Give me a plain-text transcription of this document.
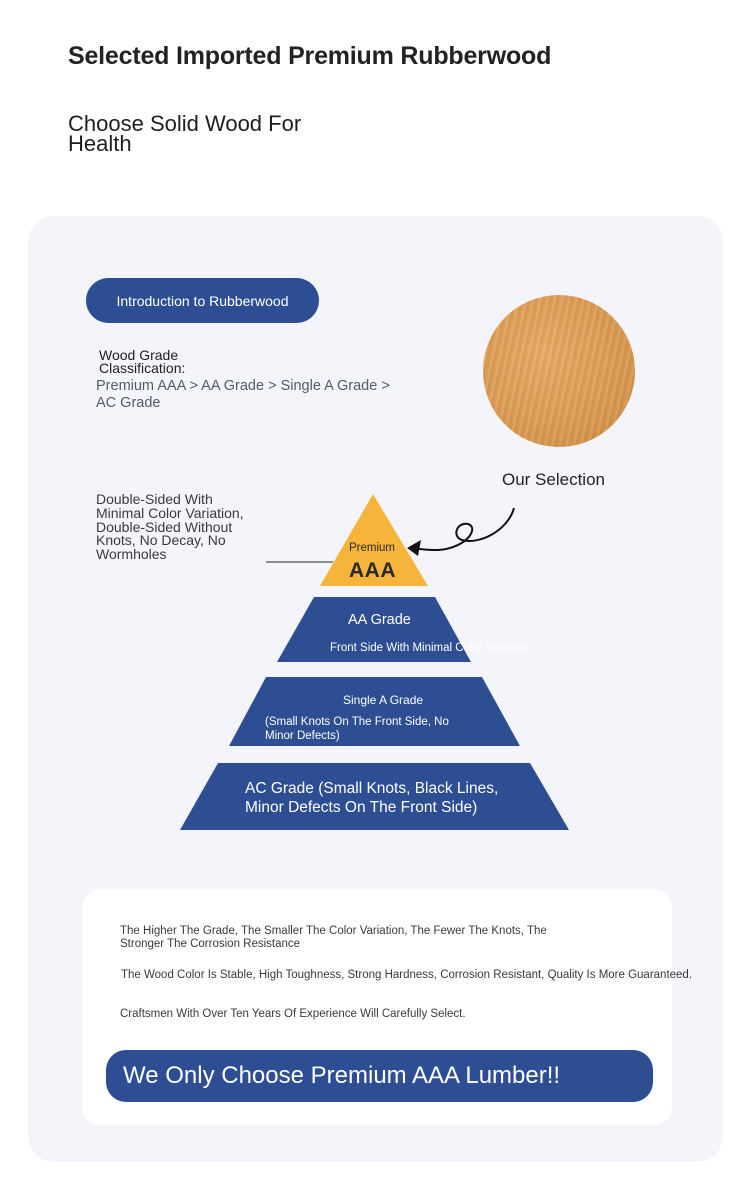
Selected Imported Premium Rubberwood
Choose Solid Wood For Health
Introduction to Rubberwood
Wood Grade Classification:
Premium AAA > AA Grade > Single A Grade > AC Grade
Our Selection
Double-Sided With Minimal Color Variation, Double-Sided Without Knots, No Decay, No Wormholes	Premium
AAA
AA Grade
Front Side With Minimal Color Variation
Single A Grade
(Small Knots On The Front Side, No Minor Defects)
AC Grade (Small Knots, Black Lines, Minor Defects On The Front Side)
The Higher The Grade, The Smaller The Color Variation, The Fewer The Knots, The Stronger The Corrosion Resistance
The Wood Color Is Stable, High Toughness, Strong Hardness, Corrosion Resistant, Quality Is More Guaranteed.
Craftsmen With Over Ten Years Of Experience Will Carefully Select.
We Only Choose Premium AAA Lumber!!
